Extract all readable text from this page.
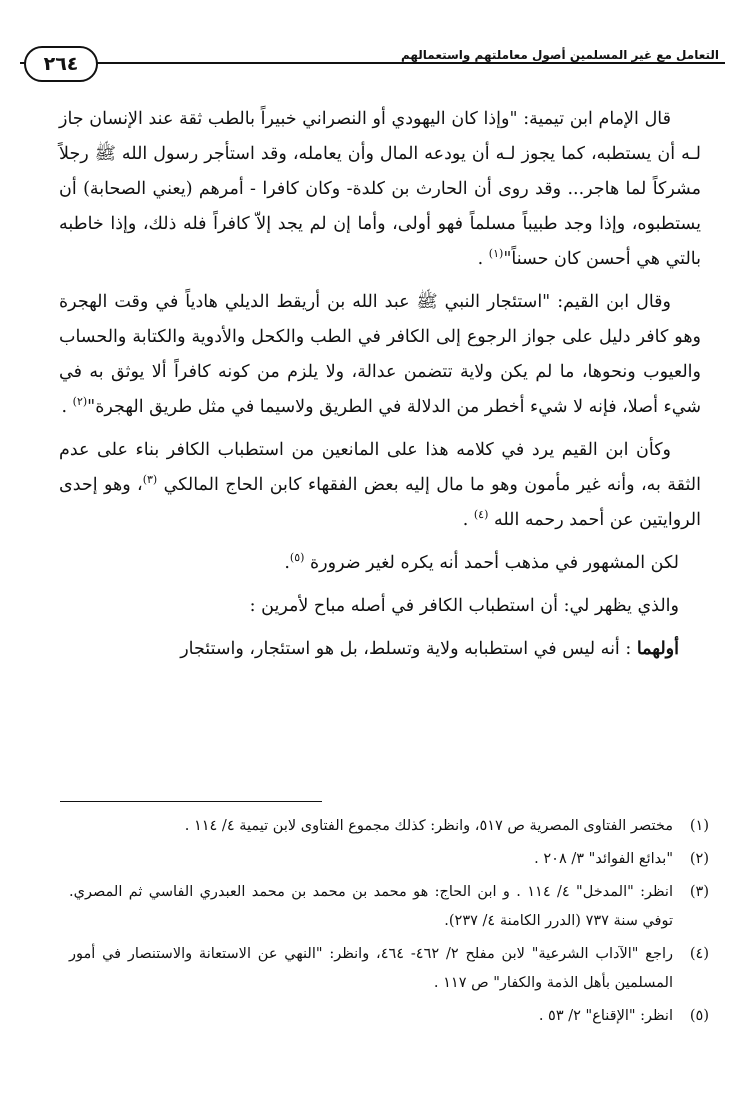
التعامل مع غير المسلمين أصول معاملتهم واستعمالهم
٢٦٤

قال الإمام ابن تيمية: "وإذا كان اليهودي أو النصراني خبيراً بالطب ثقة عند الإنسان جاز لـه أن يستطبه، كما يجوز لـه أن يودعه المال وأن يعامله، وقد استأجر رسول الله ﷺ رجلاً مشركاً لما هاجر... وقد روى أن الحارث بن كلدة- وكان كافرا - أمرهم (يعني الصحابة) أن يستطبوه، وإذا وجد طبيباً مسلماً فهو أولى، وأما إن لم يجد إلاّ كافراً فله ذلك، وإذا خاطبه بالتي هي أحسن كان حسناً"$^{(١)}$ .

وقال ابن القيم: "استئجار النبي ﷺ عبد الله بن أريقط الديلي هادياً في وقت الهجرة وهو كافر دليل على جواز الرجوع إلى الكافر في الطب والكحل والأدوية والكتابة والحساب والعيوب ونحوها، ما لم يكن ولاية تتضمن عدالة، ولا يلزم من كونه كافراً ألا يوثق به في شيء أصلا، فإنه لا شيء أخطر من الدلالة في الطريق ولاسيما في مثل طريق الهجرة"$^{(٢)}$ .

وكأن ابن القيم يرد في كلامه هذا على المانعين من استطباب الكافر بناء على عدم الثقة به، وأنه غير مأمون وهو ما مال إليه بعض الفقهاء كابن الحاج المالكي $^{(٣)}$، وهو إحدى الروايتين عن أحمد رحمه الله $^{(٤)}$ .

لكن المشهور في مذهب أحمد أنه يكره لغير ضرورة $^{(٥)}$.

والذي يظهر لي: أن استطباب الكافر في أصله مباح لأمرين :

أولهما : أنه ليس في استطبابه ولاية وتسلط، بل هو استئجار، واستئجار

(١)
مختصر الفتاوى المصرية ص ٥١٧، وانظر: كذلك مجموع الفتاوى لابن تيمية ٤/ ١١٤ .
(٢)
"بدائع الفوائد" ٣/ ٢٠٨ .
(٣)
انظر: "المدخل" ٤/ ١١٤ . و ابن الحاج: هو محمد بن محمد بن محمد العبدري الفاسي ثم المصري. توفي سنة ٧٣٧ (الدرر الكامنة ٤/ ٢٣٧).
(٤)
راجع "الآداب الشرعية" لابن مفلح ٢/ ٤٦٢- ٤٦٤، وانظر: "النهي عن الاستعانة والاستنصار في أمور المسلمين بأهل الذمة والكفار" ص ١١٧ .
(٥)
انظر: "الإقناع" ٢/ ٥٣ .
